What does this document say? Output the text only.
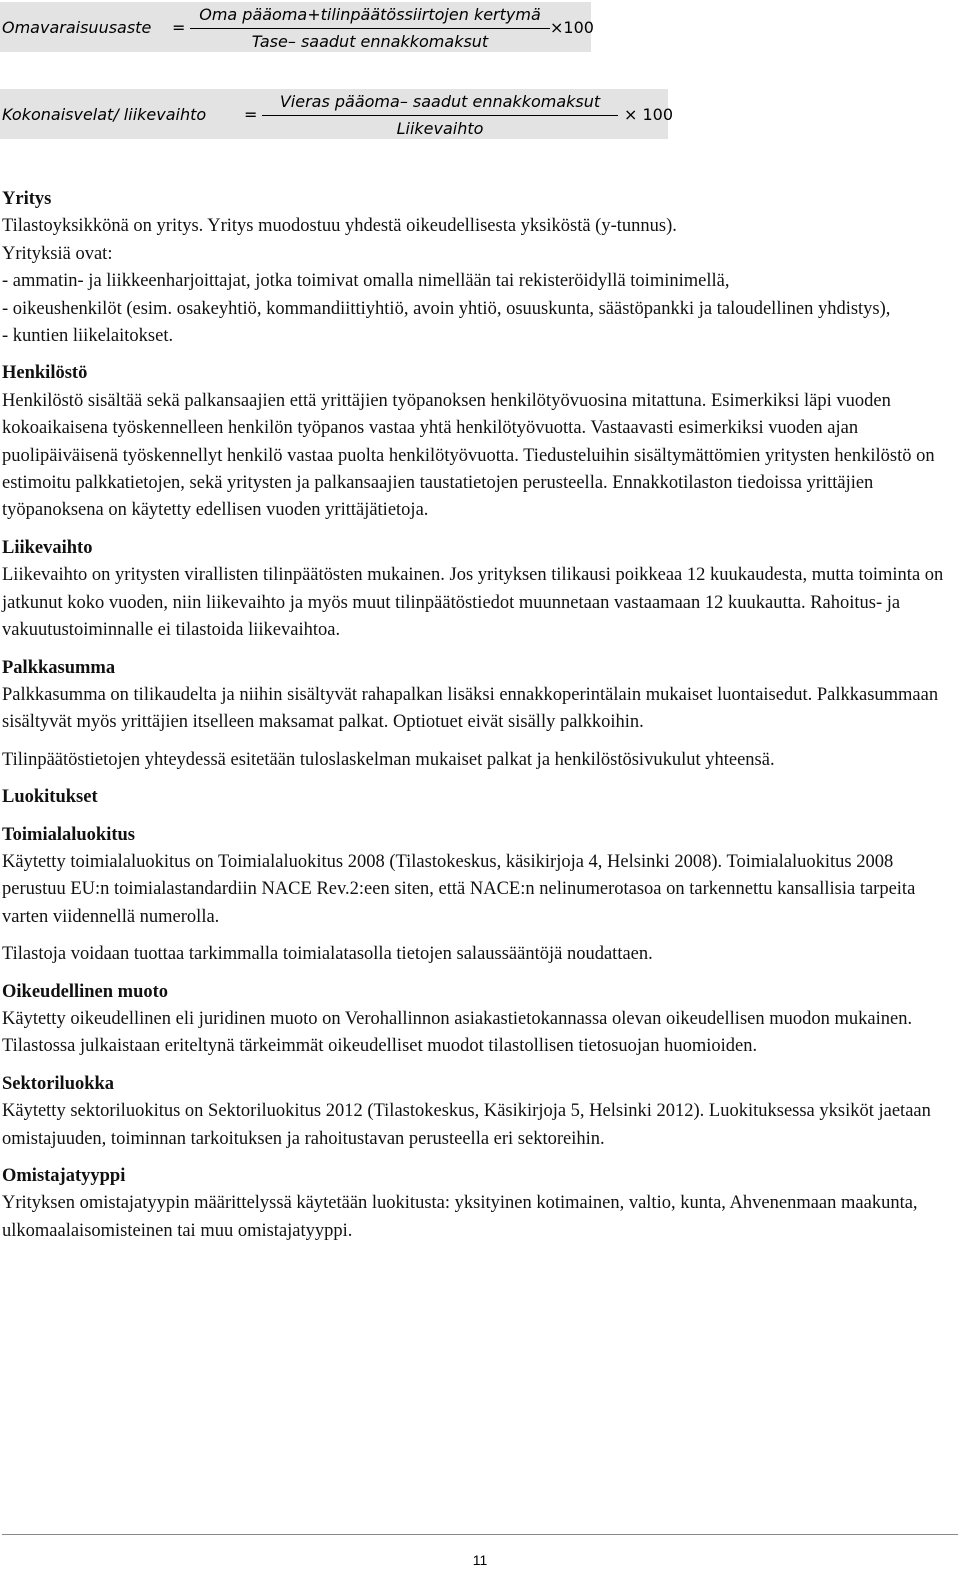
Omavaraisuusaste =
Oma pääoma+tilinpäätössiirtojen kertymä
Tase– saadut ennakkomaksut
×100
Kokonaisvelat/ liikevaihto =
Vieras pääoma– saadut ennakkomaksut
Liikevaihto
× 100
Yritys

Tilastoyksikkönä on yritys. Yritys muodostuu yhdestä oikeudellisesta yksiköstä (y-tunnus).

Yrityksiä ovat:

- ammatin- ja liikkeenharjoittajat, jotka toimivat omalla nimellään tai rekisteröidyllä toiminimellä,

- oikeushenkilöt (esim. osakeyhtiö, kommandiittiyhtiö, avoin yhtiö, osuuskunta, säästöpankki ja taloudellinen yhdistys),

- kuntien liikelaitokset.

Henkilöstö

Henkilöstö sisältää sekä palkansaajien että yrittäjien työpanoksen henkilötyövuosina mitattuna. Esimerkiksi läpi vuoden kokoaikaisena työskennelleen henkilön työpanos vastaa yhtä henkilötyövuotta. Vastaavasti esimerkiksi vuoden ajan puolipäiväisenä työskennellyt henkilö vastaa puolta henkilötyövuotta. Tiedusteluihin sisältymättömien yritysten henkilöstö on estimoitu palkkatietojen, sekä yritysten ja palkansaajien taustatietojen perusteella. Ennakkotilaston tiedoissa yrittäjien työpanoksena on käytetty edellisen vuoden yrittäjätietoja.

Liikevaihto

Liikevaihto on yritysten virallisten tilinpäätösten mukainen. Jos yrityksen tilikausi poikkeaa 12 kuukaudesta, mutta toiminta on jatkunut koko vuoden, niin liikevaihto ja myös muut tilinpäätöstiedot muunnetaan vastaamaan 12 kuukautta. Rahoitus- ja vakuutustoiminnalle ei tilastoida liikevaihtoa.

Palkkasumma

Palkkasumma on tilikaudelta ja niihin sisältyvät rahapalkan lisäksi ennakkoperintälain mukaiset luontaisedut. Palkkasummaan sisältyvät myös yrittäjien itselleen maksamat palkat. Optiotuet eivät sisälly palkkoihin.

Tilinpäätöstietojen yhteydessä esitetään tuloslaskelman mukaiset palkat ja henkilöstösivukulut yhteensä.

Luokitukset
Toimialaluokitus

Käytetty toimialaluokitus on Toimialaluokitus 2008 (Tilastokeskus, käsikirjoja 4, Helsinki 2008). Toimialaluokitus 2008 perustuu EU:n toimialastandardiin NACE Rev.2:een siten, että NACE:n nelinumerotasoa on tarkennettu kansallisia tarpeita varten viidennellä numerolla.

Tilastoja voidaan tuottaa tarkimmalla toimialatasolla tietojen salaussääntöjä noudattaen.

Oikeudellinen muoto

Käytetty oikeudellinen eli juridinen muoto on Verohallinnon asiakastietokannassa olevan oikeudellisen muodon mukainen. Tilastossa julkaistaan eriteltynä tärkeimmät oikeudelliset muodot tilastollisen tietosuojan huomioiden.

Sektoriluokka

Käytetty sektoriluokitus on Sektoriluokitus 2012 (Tilastokeskus, Käsikirjoja 5, Helsinki 2012). Luokituksessa yksiköt jaetaan omistajuuden, toiminnan tarkoituksen ja rahoitustavan perusteella eri sektoreihin.

Omistajatyyppi

Yrityksen omistajatyypin määrittelyssä käytetään luokitusta: yksityinen kotimainen, valtio, kunta, Ahvenenmaan maakunta, ulkomaalaisomisteinen tai muu omistajatyyppi.

11
